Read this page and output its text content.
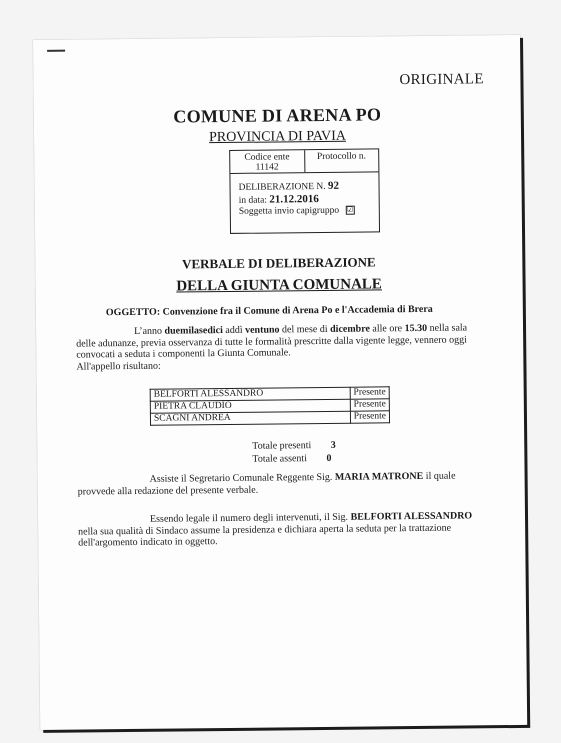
ORIGINALE
COMUNE DI ARENA PO
PROVINCIA DI PAVIA
Codice ente
11142
Protocollo n.
DELIBERAZIONE N. 92
in data: 21.12.2016
Soggetta invio capigruppo ☑
VERBALE DI DELIBERAZIONE
DELLA GIUNTA COMUNALE
OGGETTO: Convenzione fra il Comune di Arena Po e l'Accademia di Brera
L’anno duemilasedici addì ventuno del mese di dicembre alle ore 15.30 nella sala delle adunanze, previa osservanza di tutte le formalità prescritte dalla vigente legge, vennero oggi convocati a seduta i componenti la Giunta Comunale.
All'appello risultano:
BELFORTI ALESSANDRO	Presente
PIETRA CLAUDIO	Presente
SCAGNI ANDREA	Presente
Totale presenti 3
Totale assenti 0
Assiste il Segretario Comunale Reggente Sig. MARIA MATRONE il quale provvede alla redazione del presente verbale.
Essendo legale il numero degli intervenuti, il Sig. BELFORTI ALESSANDRO nella sua qualità di Sindaco assume la presidenza e dichiara aperta la seduta per la trattazione dell'argomento indicato in oggetto.
